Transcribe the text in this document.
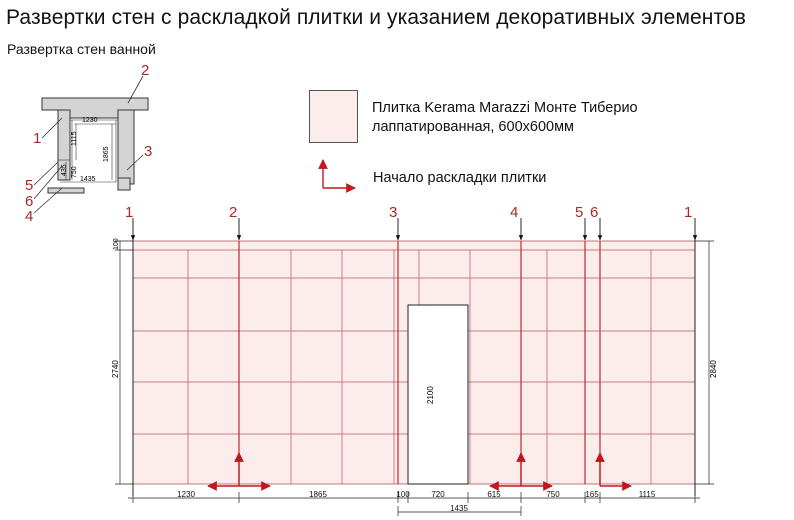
Развертки стен с раскладкой плитки и указанием декоративных элементов
Развертка стен ванной
Плитка Kerama Marazzi Монте Тиберио
лаппатированная, 600х600мм
Начало раскладки плитки
1230
1115
1865
750
435
1435
2
1
3
5
6
4
2100
1	2	3	4	5 6	1
1230	1865	100	720	615	750	165	1115
1435
100
2740	2840
